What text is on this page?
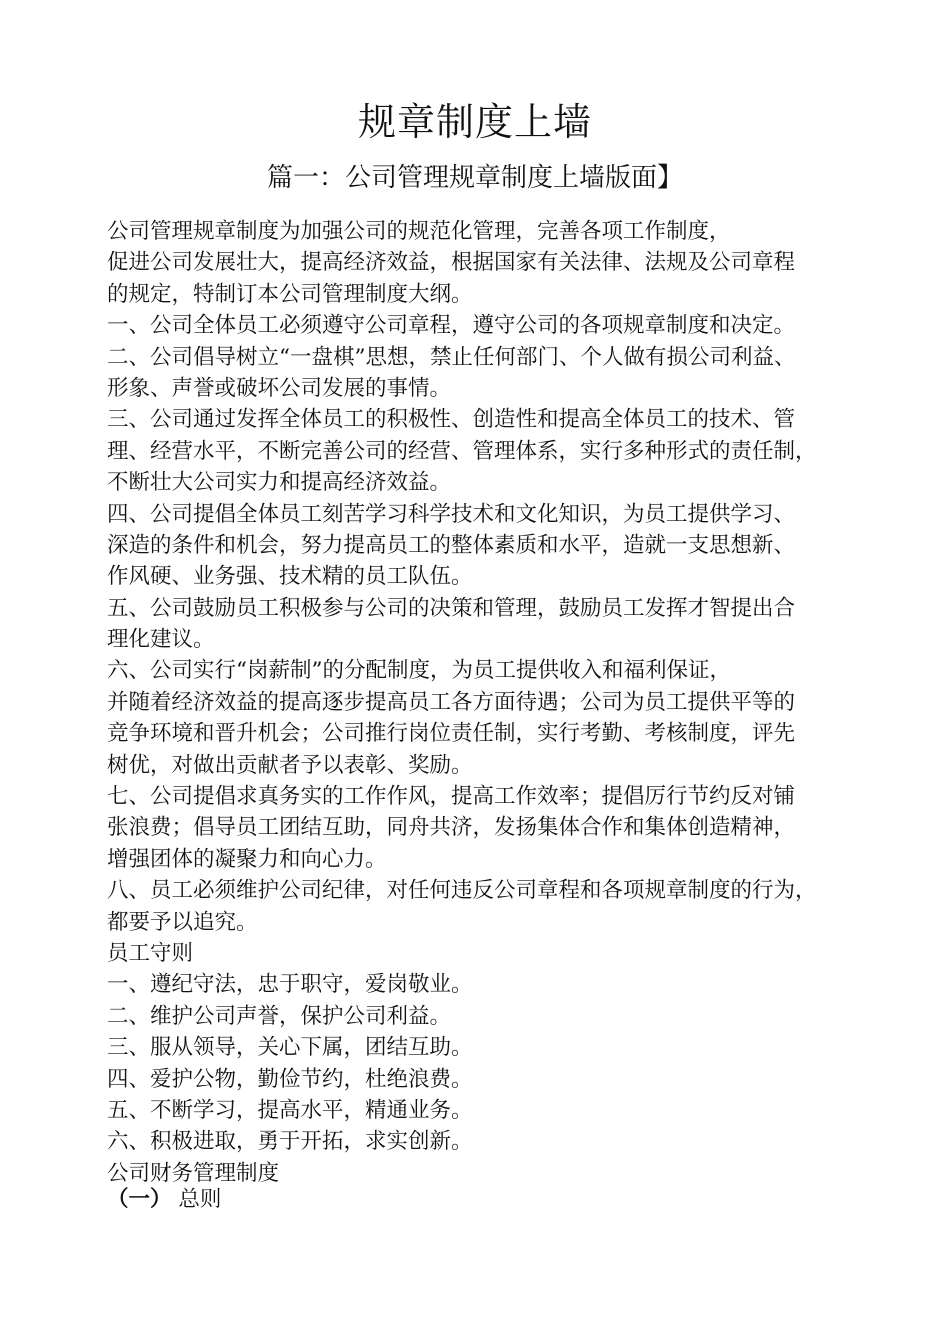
规章制度上墙
篇一：公司管理规章制度上墙版面】
公司管理规章制度为加强公司的规范化管理，完善各项工作制度，
促进公司发展壮大，提高经济效益，根据国家有关法律、法规及公司章程
的规定，特制订本公司管理制度大纲。
一、公司全体员工必须遵守公司章程，遵守公司的各项规章制度和决定。
二、公司倡导树立“一盘棋”思想，禁止任何部门、个人做有损公司利益、
形象、声誉或破坏公司发展的事情。
三、公司通过发挥全体员工的积极性、创造性和提高全体员工的技术、管
理、经营水平，不断完善公司的经营、管理体系，实行多种形式的责任制，
不断壮大公司实力和提高经济效益。
四、公司提倡全体员工刻苦学习科学技术和文化知识，为员工提供学习、
深造的条件和机会，努力提高员工的整体素质和水平，造就一支思想新、
作风硬、业务强、技术精的员工队伍。
五、公司鼓励员工积极参与公司的决策和管理，鼓励员工发挥才智提出合
理化建议。
六、公司实行“岗薪制”的分配制度，为员工提供收入和福利保证，
并随着经济效益的提高逐步提高员工各方面待遇；公司为员工提供平等的
竞争环境和晋升机会；公司推行岗位责任制，实行考勤、考核制度，评先
树优，对做出贡献者予以表彰、奖励。
七、公司提倡求真务实的工作作风，提高工作效率；提倡厉行节约反对铺
张浪费；倡导员工团结互助，同舟共济，发扬集体合作和集体创造精神，
增强团体的凝聚力和向心力。
八、员工必须维护公司纪律，对任何违反公司章程和各项规章制度的行为，
都要予以追究。
员工守则
一、遵纪守法，忠于职守，爱岗敬业。
二、维护公司声誉，保护公司利益。
三、服从领导，关心下属，团结互助。
四、爱护公物，勤俭节约，杜绝浪费。
五、不断学习，提高水平，精通业务。
六、积极进取，勇于开拓，求实创新。
公司财务管理制度
（一） 总则
